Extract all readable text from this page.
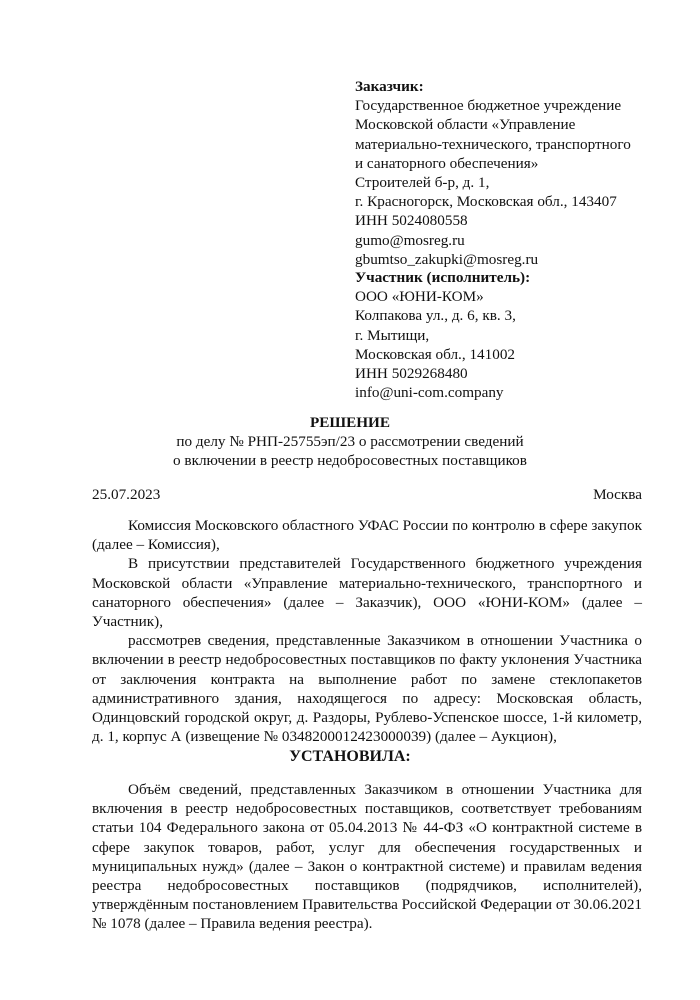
Заказчик:
Государственное бюджетное учреждение
Московской области «Управление
материально-технического, транспортного
и санаторного обеспечения»
Строителей б-р, д. 1,
г. Красногорск, Московская обл., 143407
ИНН 5024080558
gumo@mosreg.ru
gbumtso_zakupki@mosreg.ru
Участник (исполнитель):
ООО «ЮНИ-КОМ»
Колпакова ул., д. 6, кв. 3,
г. Мытищи,
Московская обл., 141002
ИНН 5029268480
info@uni-com.company
РЕШЕНИЕ
по делу № РНП-25755эп/23 о рассмотрении сведений
о включении в реестр недобросовестных поставщиков
25.07.2023	Москва

Комиссия Московского областного УФАС России по контролю в сфере закупок (далее – Комиссия),

В присутствии представителей Государственного бюджетного учреждения Московской области «Управление материально-технического, транспортного и санаторного обеспечения» (далее – Заказчик), ООО «ЮНИ-КОМ» (далее – Участник),

рассмотрев сведения, представленные Заказчиком в отношении Участника о включении в реестр недобросовестных поставщиков по факту уклонения Участника от заключения контракта на выполнение работ по замене стеклопакетов административного здания, находящегося по адресу: Московская область, Одинцовский городской округ, д. Раздоры, Рублево-Успенское шоссе, 1-й километр, д. 1, корпус А (извещение № 0348200012423000039) (далее – Аукцион),

УСТАНОВИЛА:

Объём сведений, представленных Заказчиком в отношении Участника для включения в реестр недобросовестных поставщиков, соответствует требованиям статьи 104 Федерального закона от 05.04.2013 № 44-ФЗ «О контрактной системе в сфере закупок товаров, работ, услуг для обеспечения государственных и муниципальных нужд» (далее – Закон о контрактной системе) и правилам ведения реестра недобросовестных поставщиков (подрядчиков, исполнителей), утверждённым постановлением Правительства Российской Федерации от 30.06.2021 № 1078 (далее – Правила ведения реестра).
